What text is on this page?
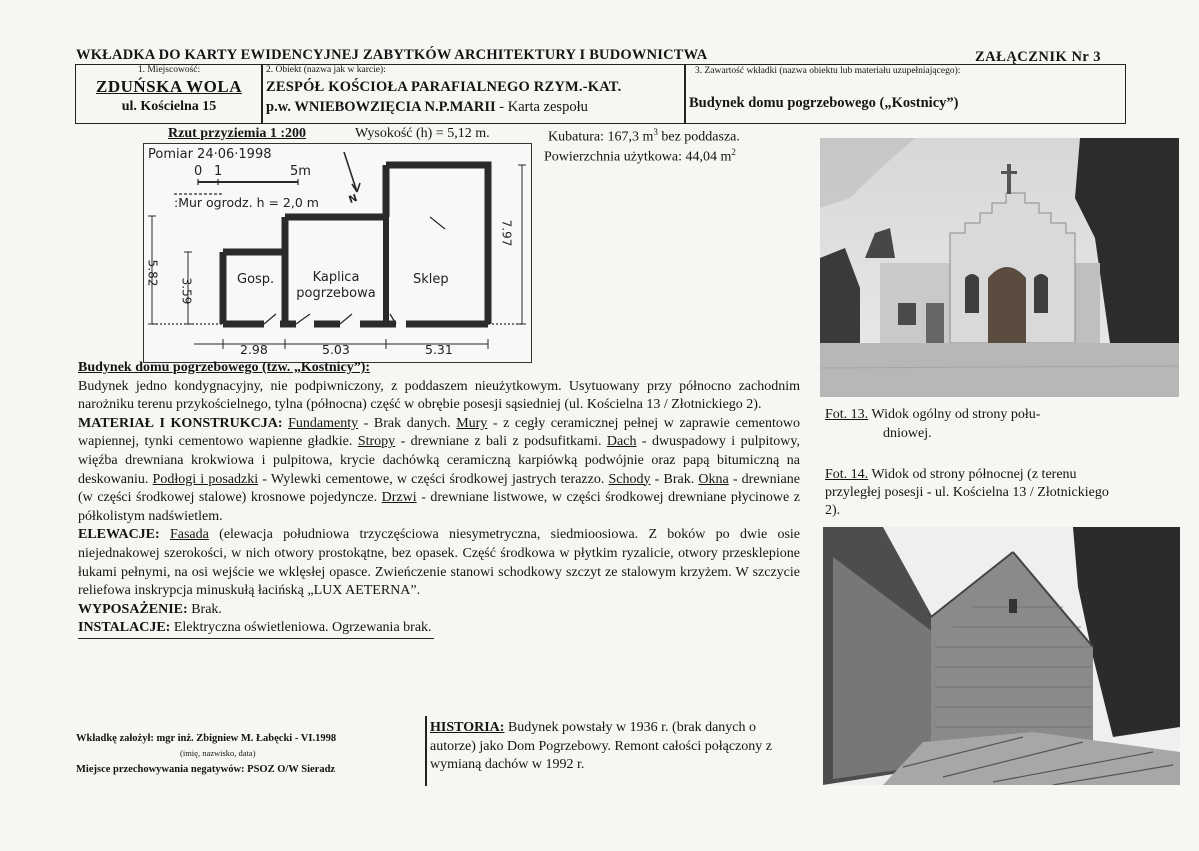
WKŁADKA DO KARTY EWIDENCYJNEJ ZABYTKÓW ARCHITEKTURY I BUDOWNICTWA	ZAŁĄCZNIK Nr 3
1. Miejscowość:
ZDUŃSKA WOLA
ul. Kościelna 15
2. Obiekt (nazwa jak w karcie):
ZESPÓŁ KOŚCIOŁA PARAFIALNEGO RZYM.-KAT.
p.w. WNIEBOWZIĘCIA N.P.MARII - Karta zespołu
3. Zawartość wkładki (nazwa obiektu lub materiału uzupełniającego):
Budynek domu pogrzebowego („Kostnicy”)
Rzut przyziemia 1 :200	Wysokość (h) = 5,12 m.	Kubatura: 167,3 $m^3$ bez poddasza.
Powierzchnia użytkowa: 44,04 $m^2$
Pomiar 24·06·1998
0 1	5m
:Mur ogrodz. h = 2,0 m	N
Gosp.	Kaplica
pogrzebowa
Sklep
5.82
3.59
7.97
2.98	5.03	5.31
Fot. 13. Widok ogólny od strony połu-
dniowej.
Fot. 14. Widok od strony północnej (z terenu przyległej posesji - ul. Kościelna 13 / Złotnickiego 2).

Budynek domu pogrzebowego (tzw. „Kostnicy”):

Budynek jedno kondygnacyjny, nie podpiwniczony, z poddaszem nieużytkowym. Usytuowany przy północno zachodnim narożniku terenu przykościelnego, tylna (północna) część w obrębie posesji sąsiedniej (ul. Kościelna 13 / Złotnickiego 2).

MATERIAŁ I KONSTRUKCJA: Fundamenty - Brak danych. Mury - z cegły ceramicznej pełnej w zaprawie cementowo wapiennej, tynki cementowo wapienne gładkie. Stropy - drewniane z bali z podsufitkami. Dach - dwuspadowy i pulpitowy, więźba drewniana krokwiowa i pulpitowa, krycie dachówką ceramiczną karpiówką podwójnie oraz papą bitumiczną na deskowaniu. Podłogi i posadzki - Wylewki cementowe, w części środkowej jastrych terazzo. Schody - Brak. Okna - drewniane (w części środkowej stalowe) krosnowe pojedyncze. Drzwi - drewniane listwowe, w części środkowej drewniane płycinowe z półkolistym nadświetlem.

ELEWACJE: Fasada (elewacja południowa trzyczęściowa niesymetryczna, siedmioosiowa. Z boków po dwie osie niejednakowej szerokości, w nich otwory prostokątne, bez opasek. Część środkowa w płytkim ryzalicie, otwory przesklepione łukami pełnymi, na osi wejście we wklęsłej opasce. Zwieńczenie stanowi schodkowy szczyt ze stalowym krzyżem. W szczycie reliefowa inskrypcja minuskułą łacińską „LUX AETERNA”.

WYPOSAŻENIE: Brak.

INSTALACJE: Elektryczna oświetleniowa. Ogrzewania brak.

HISTORIA: Budynek powstały w 1936 r. (brak danych o autorze) jako Dom Pogrzebowy. Remont całości połączony z wymianą dachów w 1992 r.
Wkładkę założył: mgr inż. Zbigniew M. Łabęcki - VI.1998
(imię, nazwisko, data)
Miejsce przechowywania negatywów: PSOZ O/W Sieradz
